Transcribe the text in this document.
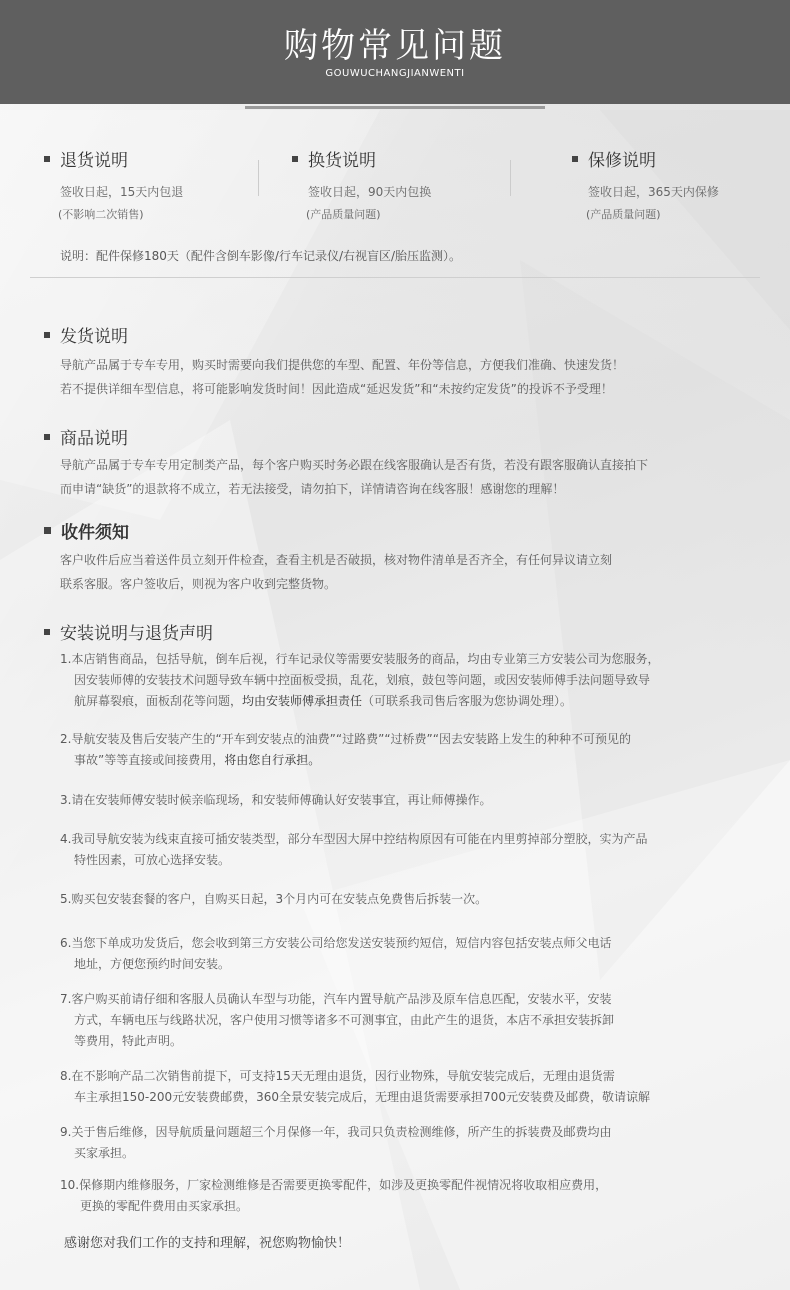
购物常见问题
GOUWUCHANGJIANWENTI
退货说明
签收日起，15天内包退
(不影响二次销售)
换货说明
签收日起，90天内包换
(产品质量问题)
保修说明
签收日起，365天内保修
(产品质量问题)
说明：配件保修180天（配件含倒车影像/行车记录仪/右视盲区/胎压监测）。
发货说明
导航产品属于专车专用，购买时需要向我们提供您的车型、配置、年份等信息，方便我们准确、快速发货！
若不提供详细车型信息，将可能影响发货时间！因此造成“延迟发货”和“未按约定发货”的投诉不予受理！
商品说明
导航产品属于专车专用定制类产品，每个客户购买时务必跟在线客服确认是否有货，若没有跟客服确认直接拍下
而申请“缺货”的退款将不成立，若无法接受，请勿拍下，详情请咨询在线客服！感谢您的理解！
收件须知
客户收件后应当着送件员立刻开件检查，查看主机是否破损，核对物件清单是否齐全，有任何异议请立刻
联系客服。客户签收后，则视为客户收到完整货物。
安装说明与退货声明
1.本店销售商品，包括导航，倒车后视，行车记录仪等需要安装服务的商品，均由专业第三方安装公司为您服务，
因安装师傅的安装技术问题导致车辆中控面板受损，乱花，划痕，鼓包等问题，或因安装师傅手法问题导致导
航屏幕裂痕，面板刮花等问题，均由安装师傅承担责任（可联系我司售后客服为您协调处理）。
2.导航安装及售后安装产生的“开车到安装点的油费”“过路费”“过桥费”“因去安装路上发生的种种不可预见的
事故”等等直接或间接费用，将由您自行承担。
3.请在安装师傅安装时候亲临现场，和安装师傅确认好安装事宜，再让师傅操作。
4.我司导航安装为线束直接可插安装类型，部分车型因大屏中控结构原因有可能在内里剪掉部分塑胶，实为产品
特性因素，可放心选择安装。
5.购买包安装套餐的客户，自购买日起，3个月内可在安装点免费售后拆装一次。
6.当您下单成功发货后，您会收到第三方安装公司给您发送安装预约短信，短信内容包括安装点师父电话
地址，方便您预约时间安装。
7.客户购买前请仔细和客服人员确认车型与功能，汽车内置导航产品涉及原车信息匹配，安装水平，安装
方式，车辆电压与线路状况，客户使用习惯等诸多不可测事宜，由此产生的退货，本店不承担安装拆卸
等费用，特此声明。
8.在不影响产品二次销售前提下，可支持15天无理由退货，因行业物殊，导航安装完成后，无理由退货需
车主承担150-200元安装费邮费，360全景安装完成后，无理由退货需要承担700元安装费及邮费，敬请谅解
9.关于售后维修，因导航质量问题超三个月保修一年，我司只负责检测维修，所产生的拆装费及邮费均由
买家承担。
10.保修期内维修服务，厂家检测维修是否需要更换零配件，如涉及更换零配件视情况将收取相应费用，
更换的零配件费用由买家承担。
感谢您对我们工作的支持和理解，祝您购物愉快！
